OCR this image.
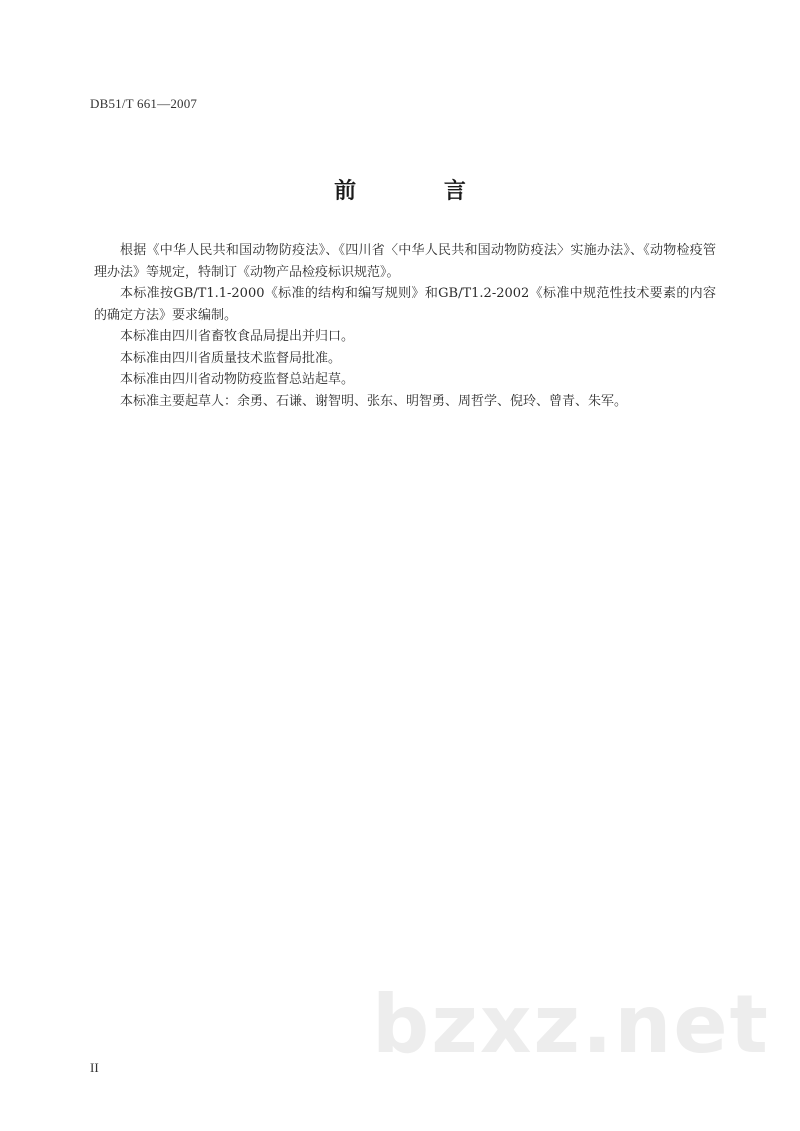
DB51/T 661—2007
前 言

根据《中华人民共和国动物防疫法》、《四川省〈中华人民共和国动物防疫法〉实施办法》、《动物检疫管理办法》等规定，特制订《动物产品检疫标识规范》。

本标准按GB/T1.1-2000《标准的结构和编写规则》和GB/T1.2-2002《标准中规范性技术要素的内容的确定方法》要求编制。

本标准由四川省畜牧食品局提出并归口。

本标准由四川省质量技术监督局批准。

本标准由四川省动物防疫监督总站起草。

本标准主要起草人：余勇、石谦、谢智明、张东、明智勇、周哲学、倪玲、曾青、朱军。

bzxz.net
II
